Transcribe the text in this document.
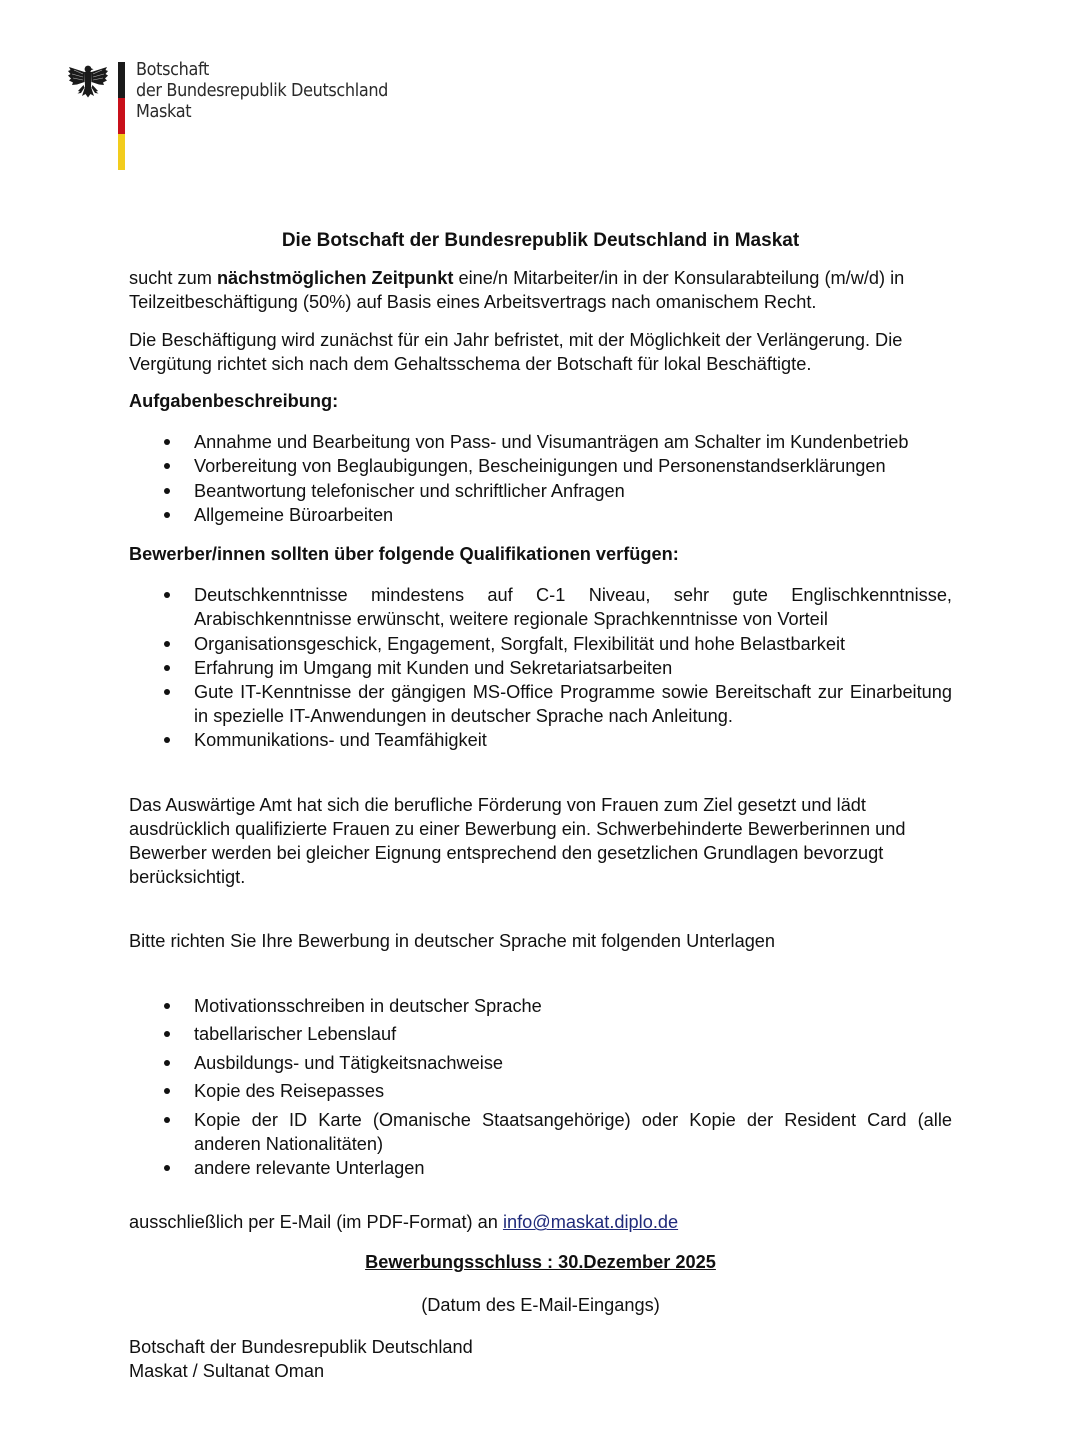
Botschaft
der Bundesrepublik Deutschland
Maskat
Die Botschaft der Bundesrepublik Deutschland in Maskat

sucht zum nächstmöglichen Zeitpunkt eine/n Mitarbeiter/in in der Konsularabteilung (m/w/d) in Teilzeitbeschäftigung (50%) auf Basis eines Arbeitsvertrags nach omanischem Recht.

Die Beschäftigung wird zunächst für ein Jahr befristet, mit der Möglichkeit der Verlängerung. Die Vergütung richtet sich nach dem Gehaltsschema der Botschaft für lokal Beschäftigte.

Aufgabenbeschreibung:
Annahme und Bearbeitung von Pass- und Visumanträgen am Schalter im Kundenbetrieb
Vorbereitung von Beglaubigungen, Bescheinigungen und Personenstandserklärungen
Beantwortung telefonischer und schriftlicher Anfragen
Allgemeine Büroarbeiten
Bewerber/innen sollten über folgende Qualifikationen verfügen:
Deutschkenntnisse mindestens auf C-1 Niveau, sehr gute Englischkenntnisse, Arabischkenntnisse erwünscht, weitere regionale Sprachkenntnisse von Vorteil
Organisationsgeschick, Engagement, Sorgfalt, Flexibilität und hohe Belastbarkeit
Erfahrung im Umgang mit Kunden und Sekretariatsarbeiten
Gute IT-Kenntnisse der gängigen MS-Office Programme sowie Bereitschaft zur Einarbeitung in spezielle IT-Anwendungen in deutscher Sprache nach Anleitung.
Kommunikations- und Teamfähigkeit

Das Auswärtige Amt hat sich die berufliche Förderung von Frauen zum Ziel gesetzt und lädt ausdrücklich qualifizierte Frauen zu einer Bewerbung ein. Schwerbehinderte Bewerberinnen und Bewerber werden bei gleicher Eignung entsprechend den gesetzlichen Grundlagen bevorzugt berücksichtigt.

Bitte richten Sie Ihre Bewerbung in deutscher Sprache mit folgenden Unterlagen

Motivationsschreiben in deutscher Sprache
tabellarischer Lebenslauf
Ausbildungs- und Tätigkeitsnachweise
Kopie des Reisepasses
Kopie der ID Karte (Omanische Staatsangehörige) oder Kopie der Resident Card (alle anderen Nationalitäten)
andere relevante Unterlagen

ausschließlich per E-Mail (im PDF-Format) an info@maskat.diplo.de

Bewerbungsschluss : 30.Dezember 2025

(Datum des E-Mail-Eingangs)

Botschaft der Bundesrepublik Deutschland
Maskat / Sultanat Oman
